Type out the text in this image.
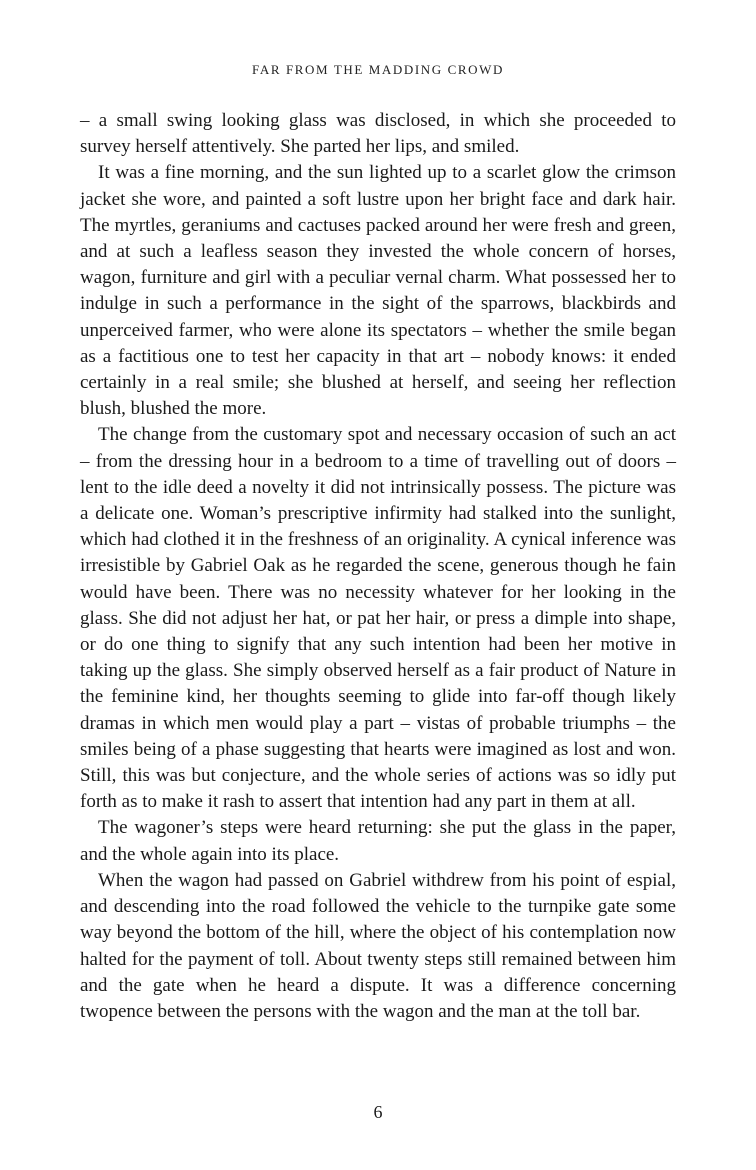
FAR FROM THE MADDING CROWD

– a small swing looking glass was disclosed, in which she proceeded to survey herself attentively. She parted her lips, and smiled.

It was a fine morning, and the sun lighted up to a scarlet glow the crimson jacket she wore, and painted a soft lustre upon her bright face and dark hair. The myrtles, geraniums and cactuses packed around her were fresh and green, and at such a leafless season they invested the whole concern of horses, wagon, furniture and girl with a peculiar vernal charm. What possessed her to indulge in such a performance in the sight of the sparrows, blackbirds and unperceived farmer, who were alone its spectators – whether the smile began as a factitious one to test her capacity in that art – nobody knows: it ended certainly in a real smile; she blushed at herself, and seeing her reflection blush, blushed the more.

The change from the customary spot and necessary occasion of such an act – from the dressing hour in a bedroom to a time of travelling out of doors – lent to the idle deed a novelty it did not intrinsically possess. The picture was a delicate one. Woman’s prescriptive infirmity had stalked into the sunlight, which had clothed it in the freshness of an originality. A cynical inference was irresistible by Gabriel Oak as he regarded the scene, generous though he fain would have been. There was no necessity whatever for her looking in the glass. She did not adjust her hat, or pat her hair, or press a dimple into shape, or do one thing to signify that any such intention had been her motive in taking up the glass. She simply observed herself as a fair product of Nature in the feminine kind, her thoughts seeming to glide into far-off though likely dramas in which men would play a part – vistas of probable triumphs – the smiles being of a phase suggesting that hearts were imagined as lost and won. Still, this was but conjecture, and the whole series of actions was so idly put forth as to make it rash to assert that intention had any part in them at all.

The wagoner’s steps were heard returning: she put the glass in the paper, and the whole again into its place.

When the wagon had passed on Gabriel withdrew from his point of espial, and descending into the road followed the vehicle to the turnpike gate some way beyond the bottom of the hill, where the object of his contemplation now halted for the payment of toll. About twenty steps still remained between him and the gate when he heard a dispute. It was a difference concerning twopence between the persons with the wagon and the man at the toll bar.

6
